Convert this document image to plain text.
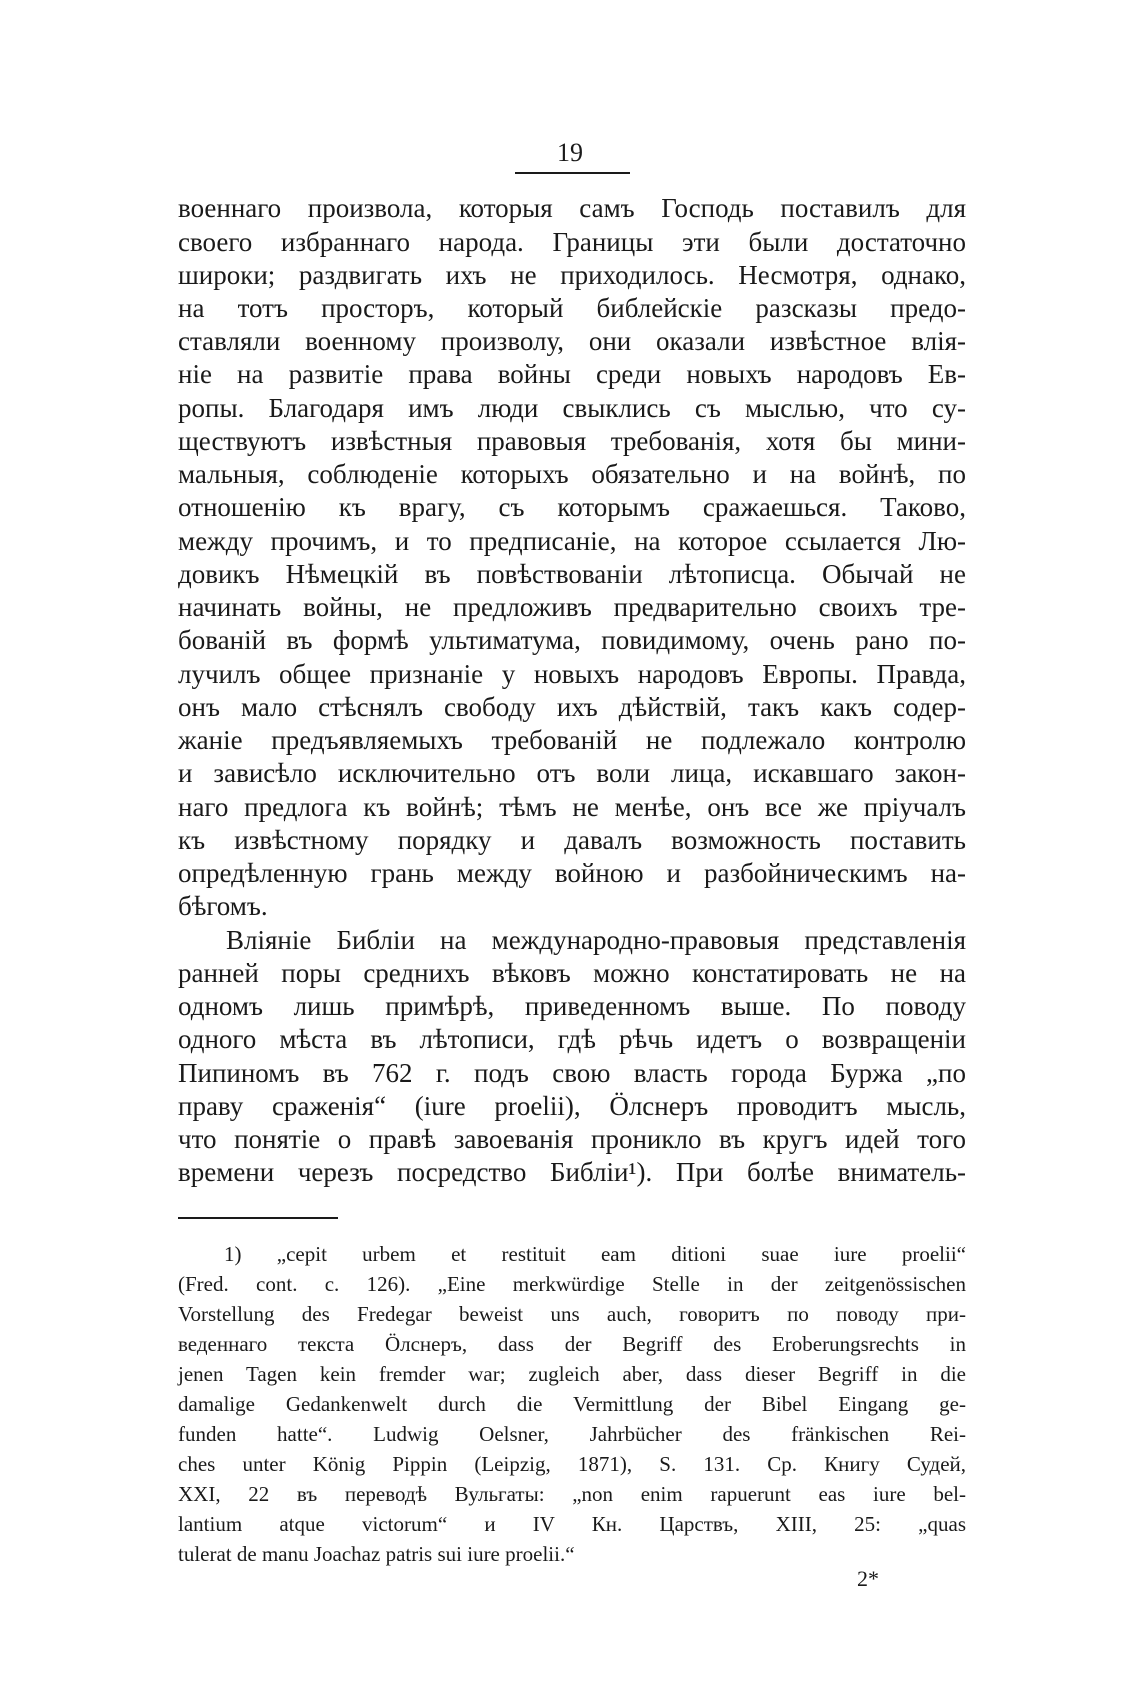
19
военнаго произвола, которыя самъ Господь поставилъ для
своего избраннаго народа. Границы эти были достаточно
широки; раздвигать ихъ не приходилось. Несмотря, однако,
на тотъ просторъ, который библейскіе разсказы предо-
ставляли военному произволу, они оказали извѣстное влія-
ніе на развитіе права войны среди новыхъ народовъ Ев-
ропы. Благодаря имъ люди свыклись съ мыслью, что су-
ществуютъ извѣстныя правовыя требованія, хотя бы мини-
мальныя, соблюденіе которыхъ обязательно и на войнѣ, по
отношенію къ врагу, съ которымъ сражаешься. Таково,
между прочимъ, и то предписаніе, на которое ссылается Лю-
довикъ Нѣмецкій въ повѣствованіи лѣтописца. Обычай не
начинать войны, не предложивъ предварительно своихъ тре-
бованій въ формѣ ультиматума, повидимому, очень рано по-
лучилъ общее признаніе у новыхъ народовъ Европы. Правда,
онъ мало стѣснялъ свободу ихъ дѣйствій, такъ какъ содер-
жаніе предъявляемыхъ требованій не подлежало контролю
и зависѣло исключительно отъ воли лица, искавшаго закон-
наго предлога къ войнѣ; тѣмъ не менѣе, онъ все же пріучалъ
къ извѣстному порядку и давалъ возможность поставить
опредѣленную грань между войною и разбойническимъ на-
бѣгомъ.
Вліяніе Библіи на международно-правовыя представленія
ранней поры среднихъ вѣковъ можно констатировать не на
одномъ лишь примѣрѣ, приведенномъ выше. По поводу
одного мѣста въ лѣтописи, гдѣ рѣчь идетъ о возвращеніи
Пипиномъ въ 762 г. подъ свою власть города Буржа „по
праву сраженія“ (iure proelii), Öлснеръ проводитъ мысль,
что понятіе о правѣ завоеванія проникло въ кругъ идей того
времени черезъ посредство Библіи¹). При болѣе вниматель-
1) „cepit urbem et restituit eam ditioni suae iure proelii“
(Fred. cont. c. 126). „Eine merkwürdige Stelle in der zeitgenössischen
Vorstellung des Fredegar beweist uns auch, говоритъ по поводу при-
веденнаго текста Öлснеръ, dass der Begriff des Eroberungsrechts in
jenen Tagen kein fremder war; zugleich aber, dass dieser Begriff in die
damalige Gedankenwelt durch die Vermittlung der Bibel Eingang ge-
funden hatte“. Ludwig Oelsner, Jahrbücher des fränkischen Rei-
ches unter König Pippin (Leipzig, 1871), S. 131. Ср. Книгу Судей,
XXI, 22 въ переводѣ Вульгаты: „non enim rapuerunt eas iure bel-
lantium atque victorum“ и IV Кн. Царствъ, XIII, 25: „quas
tulerat de manu Joachaz patris sui iure proelii.“
2*
